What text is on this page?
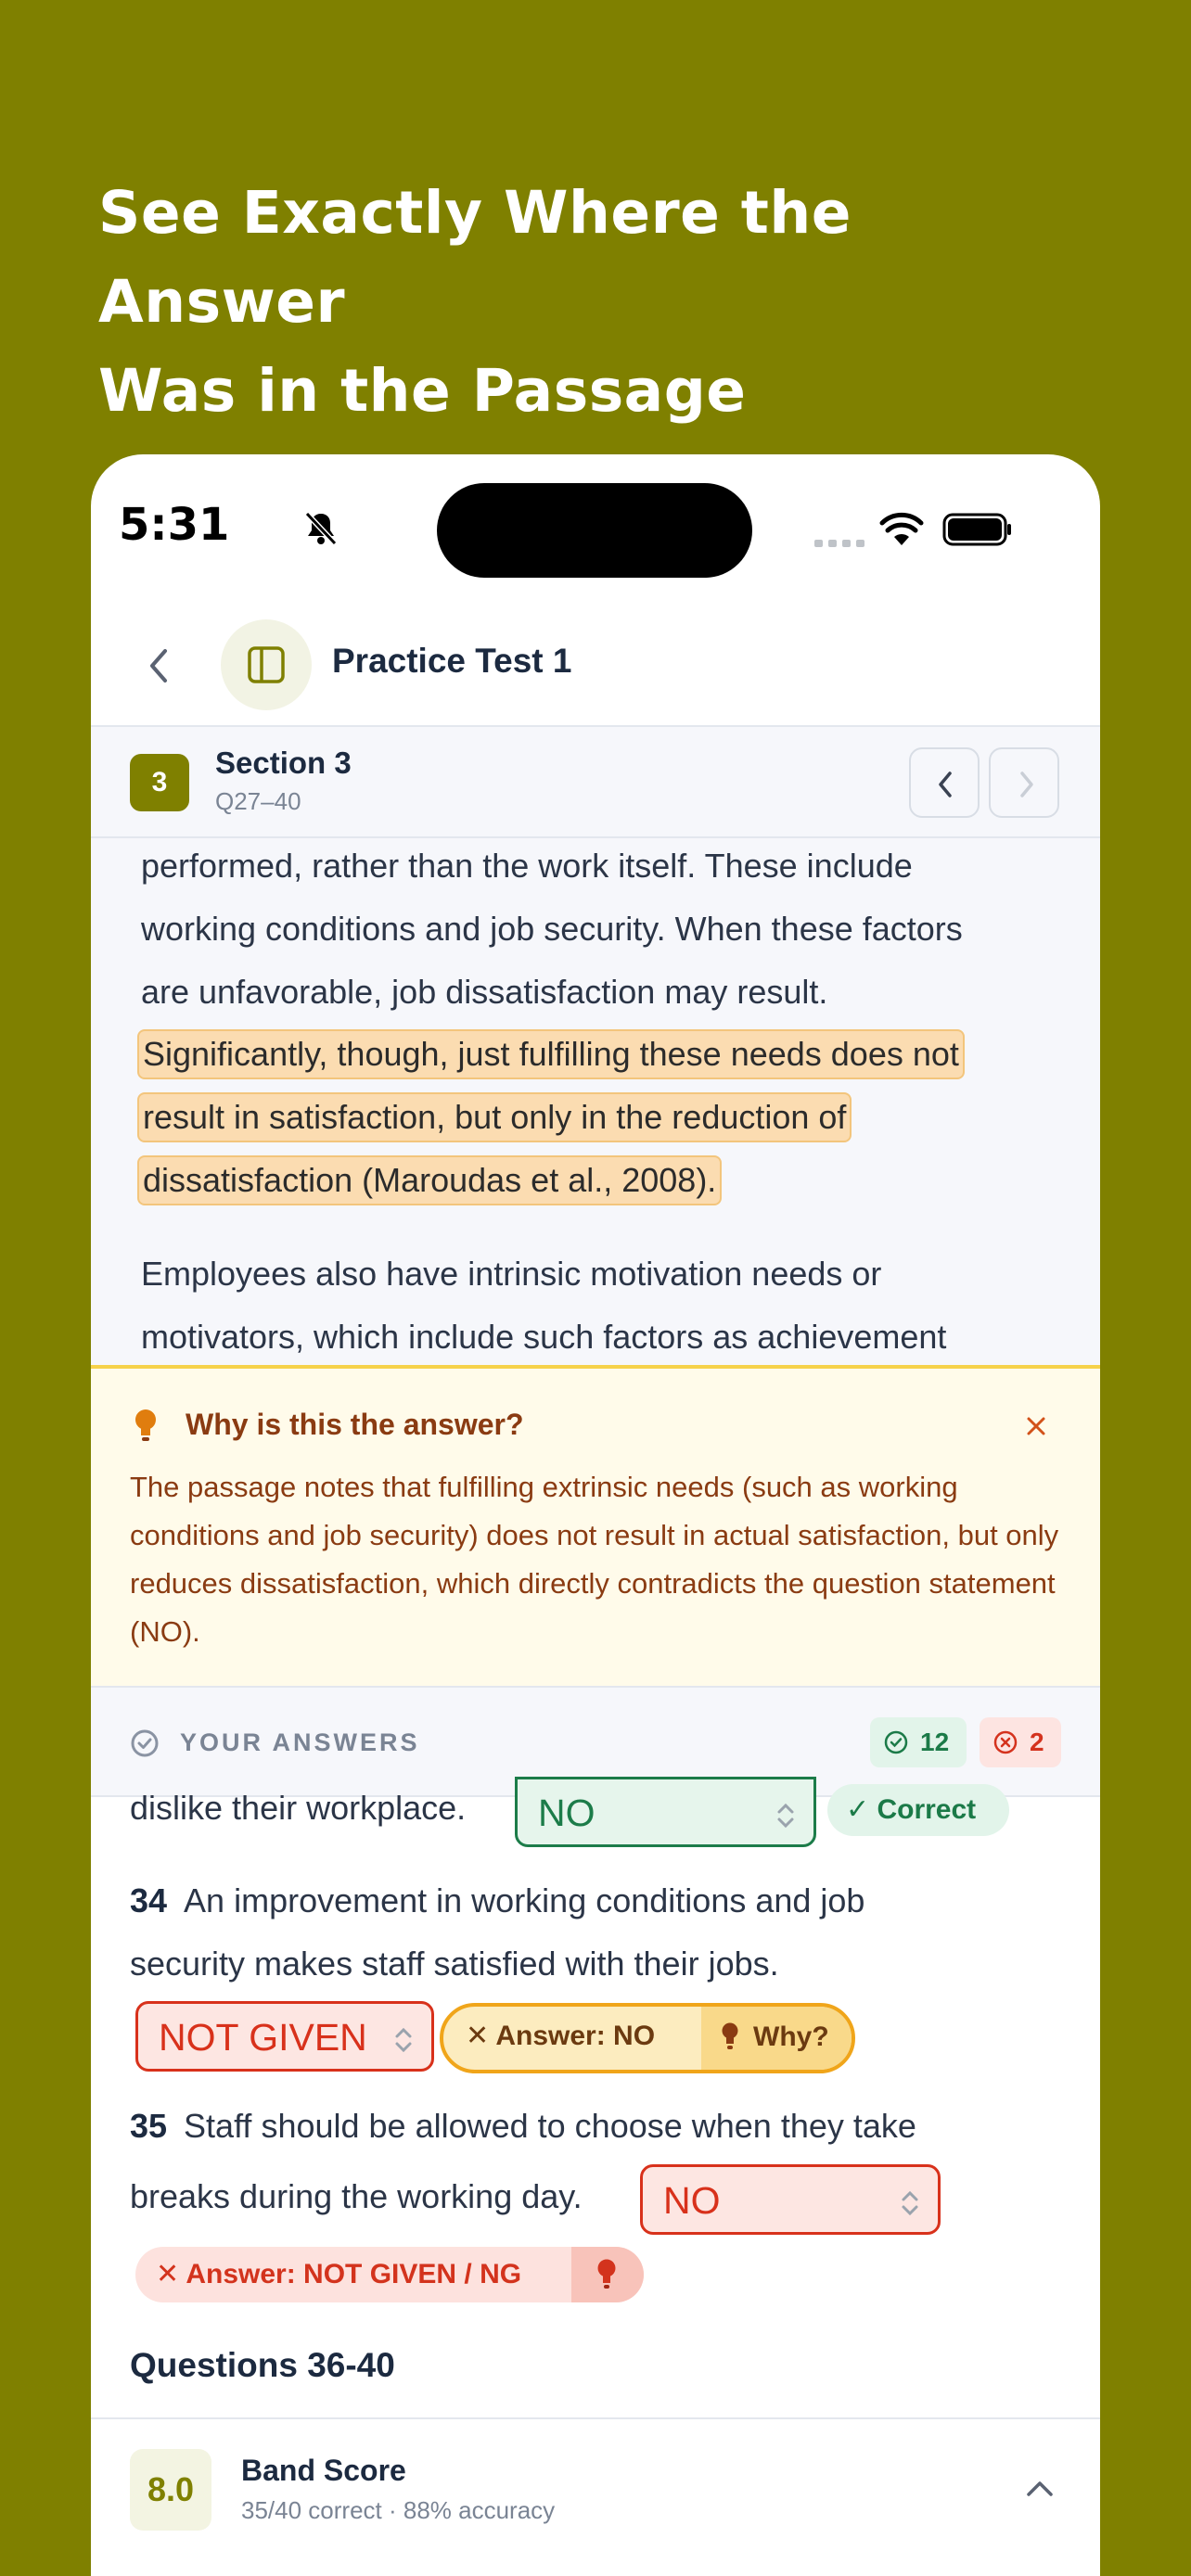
See Exactly Where the Answer
Was in the Passage
5:31
Practice Test 1
3
Section 3
Q27–40
performed, rather than the work itself. These include
working conditions and job security. When these factors
are unfavorable, job dissatisfaction may result.
Significantly, though, just fulfilling these needs does not
result in satisfaction, but only in the reduction of
dissatisfaction (Maroudas et al., 2008).
Employees also have intrinsic motivation needs or
motivators, which include such factors as achievement
Why is this the answer?
The passage notes that fulfilling extrinsic needs (such as working conditions and job security) does not result in actual satisfaction, but only reduces dissatisfaction, which directly contradicts the question statement (NO).
YOUR ANSWERS	12	2
dislike their workplace.	NO	✓ Correct
34 An improvement in working conditions and job
security makes staff satisfied with their jobs.
NOT GIVEN	✕ Answer: NO	Why?
35 Staff should be allowed to choose when they take
breaks during the working day.	NO
✕ Answer: NOT GIVEN / NG
Questions 36-40
8.0	Band Score
35/40 correct · 88% accuracy
